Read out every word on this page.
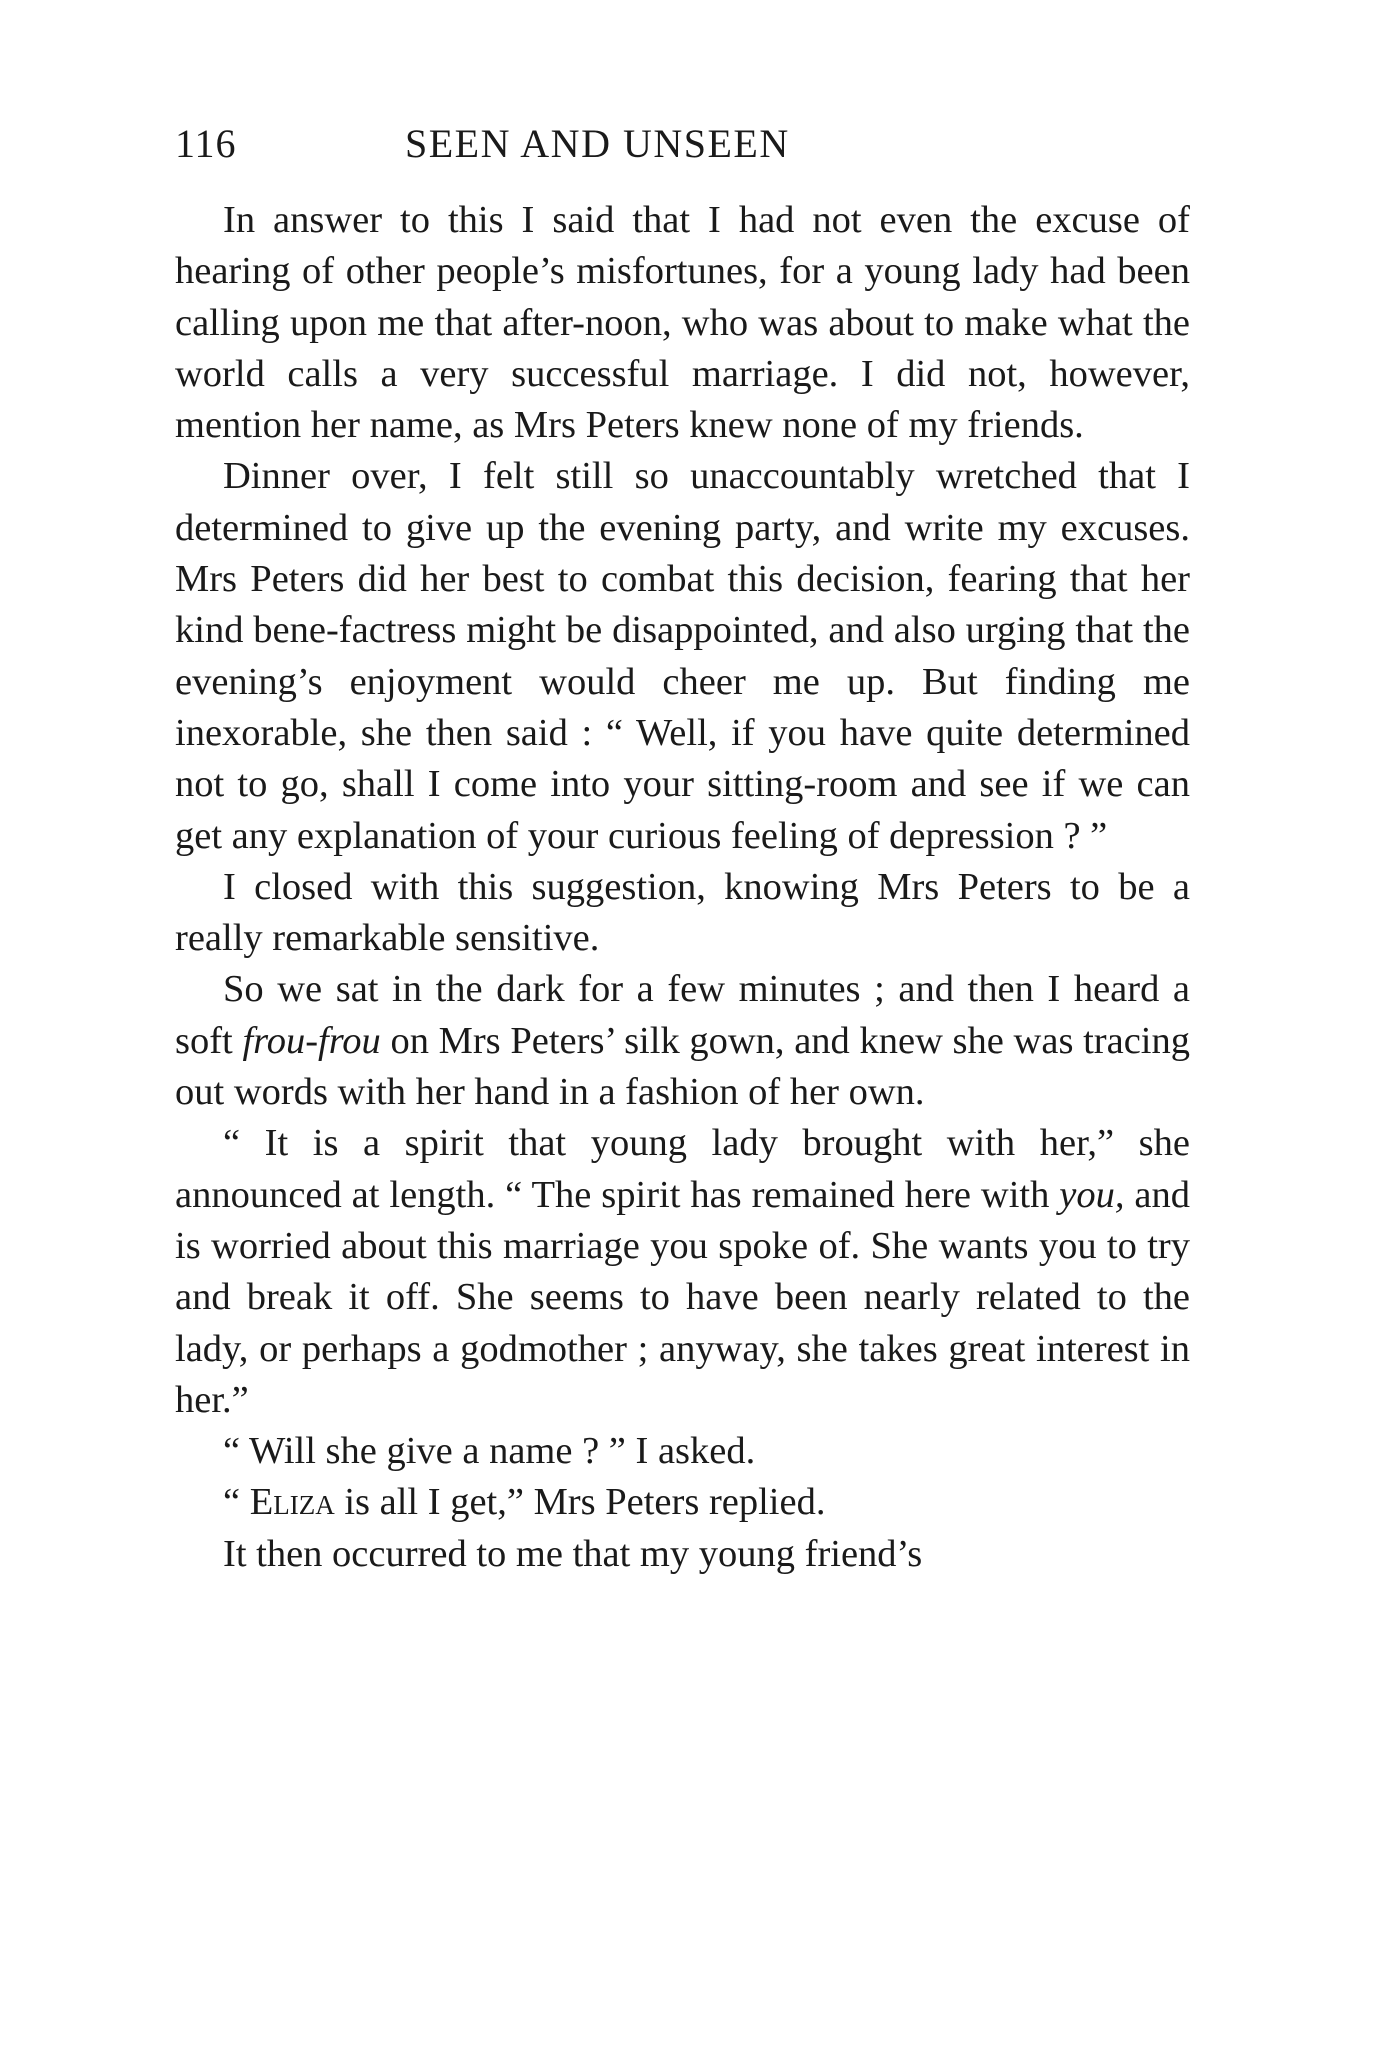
116	SEEN AND UNSEEN

In answer to this I said that I had not even the excuse of hearing of other people’s misfortunes, for a young lady had been calling upon me that after-noon, who was about to make what the world calls a very successful marriage. I did not, however, mention her name, as Mrs Peters knew none of my friends.

Dinner over, I felt still so unaccountably wretched that I determined to give up the evening party, and write my excuses. Mrs Peters did her best to combat this decision, fearing that her kind bene-factress might be disappointed, and also urging that the evening’s enjoyment would cheer me up. But finding me inexorable, she then said : “ Well, if you have quite determined not to go, shall I come into your sitting-room and see if we can get any explanation of your curious feeling of depression ? ”

I closed with this suggestion, knowing Mrs Peters to be a really remarkable sensitive.

So we sat in the dark for a few minutes ; and then I heard a soft frou-frou on Mrs Peters’ silk gown, and knew she was tracing out words with her hand in a fashion of her own.

“ It is a spirit that young lady brought with her,” she announced at length. “ The spirit has remained here with you, and is worried about this marriage you spoke of. She wants you to try and break it off. She seems to have been nearly related to the lady, or perhaps a godmother ; anyway, she takes great interest in her.”

“ Will she give a name ? ” I asked.

“ Eliza is all I get,” Mrs Peters replied.

It then occurred to me that my young friend’s
